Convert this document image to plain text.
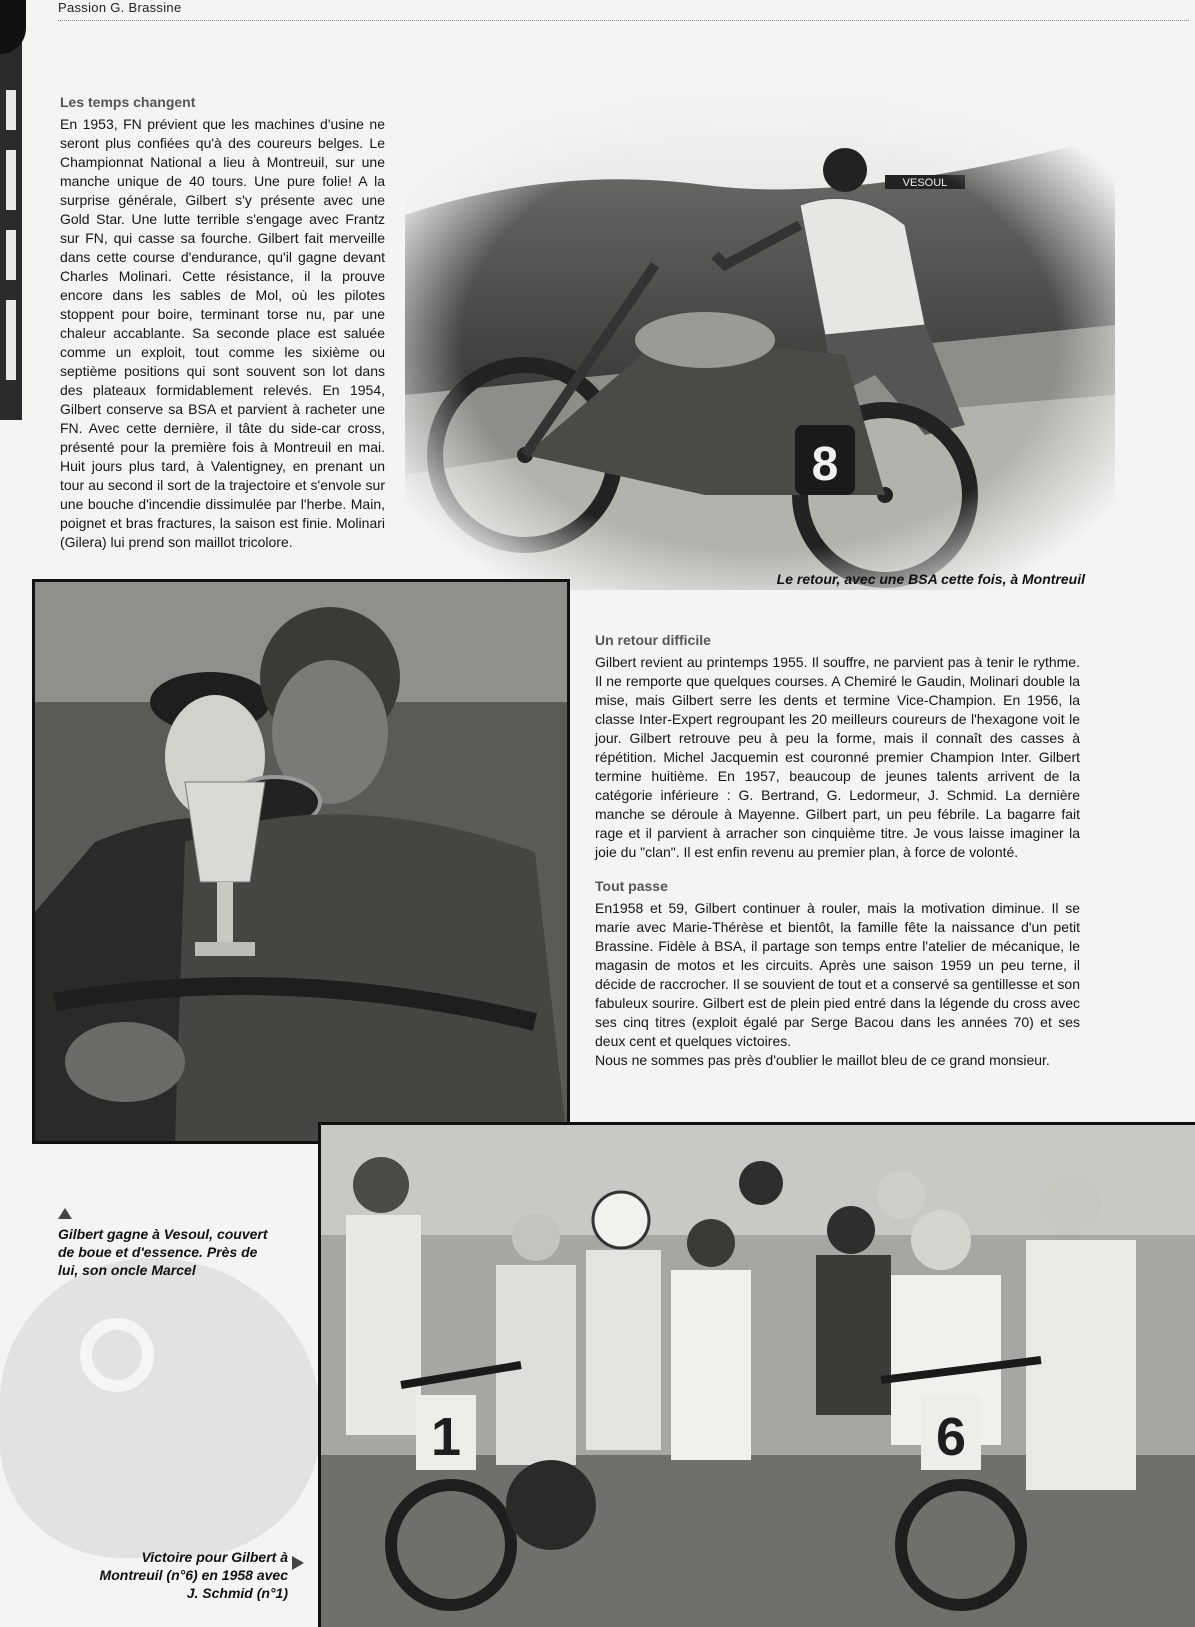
Passion G. Brassine
Les temps changent
En 1953, FN prévient que les machines d'usine ne seront plus confiées qu'à des coureurs belges. Le Championnat National a lieu à Montreuil, sur une manche unique de 40 tours. Une pure folie! A la surprise générale, Gilbert s'y présente avec une Gold Star. Une lutte terrible s'engage avec Frantz sur FN, qui casse sa fourche. Gilbert fait merveille dans cette course d'endurance, qu'il gagne devant Charles Molinari. Cette résistance, il la prouve encore dans les sables de Mol, où les pilotes stoppent pour boire, terminant torse nu, par une chaleur accablante. Sa seconde place est saluée comme un exploit, tout comme les sixième ou septième positions qui sont souvent son lot dans des plateaux formidablement relevés. En 1954, Gilbert conserve sa BSA et parvient à racheter une FN. Avec cette dernière, il tâte du side-car cross, présenté pour la première fois à Montreuil en mai. Huit jours plus tard, à Valentigney, en prenant un tour au second il sort de la trajectoire et s'envole sur une bouche d'incendie dissimulée par l'herbe. Main, poignet et bras fractures, la saison est finie. Molinari (Gilera) lui prend son maillot tricolore.
Le retour, avec une BSA cette fois, à Montreuil
Un retour difficile
Gilbert revient au printemps 1955. Il souffre, ne parvient pas à tenir le rythme. Il ne remporte que quelques courses. A Chemiré le Gaudin, Molinari double la mise, mais Gilbert serre les dents et termine Vice-Champion. En 1956, la classe Inter-Expert regroupant les 20 meilleurs coureurs de l'hexagone voit le jour. Gilbert retrouve peu à peu la forme, mais il connaît des casses à répétition. Michel Jacquemin est couronné premier Champion Inter. Gilbert termine huitième. En 1957, beaucoup de jeunes talents arrivent de la catégorie inférieure : G. Bertrand, G. Ledormeur, J. Schmid. La dernière manche se déroule à Mayenne. Gilbert part, un peu fébrile. La bagarre fait rage et il parvient à arracher son cinquième titre. Je vous laisse imaginer la joie du "clan". Il est enfin revenu au premier plan, à force de volonté.
Tout passe
En1958 et 59, Gilbert continuer à rouler, mais la motivation diminue. Il se marie avec Marie-Thérèse et bientôt, la famille fête la naissance d'un petit Brassine. Fidèle à BSA, il partage son temps entre l'atelier de mécanique, le magasin de motos et les circuits. Après une saison 1959 un peu terne, il décide de raccrocher. Il se souvient de tout et a conservé sa gentillesse et son fabuleux sourire. Gilbert est de plein pied entré dans la légende du cross avec ses cinq titres (exploit égalé par Serge Bacou dans les années 70) et ses deux cent et quelques victoires.
Nous ne sommes pas près d'oublier le maillot bleu de ce grand monsieur.
Gilbert gagne à Vesoul, couvert de boue et d'essence. Près de lui, son oncle Marcel
1	6
Victoire pour Gilbert à Montreuil (n°6) en 1958 avec J. Schmid (n°1)
